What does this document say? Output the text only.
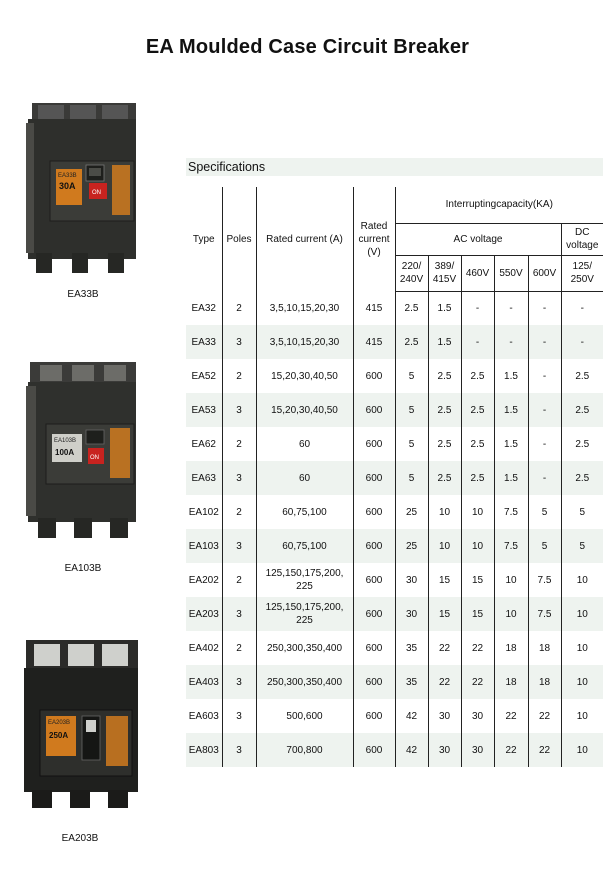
EA Moulded Case Circuit Breaker
EA33B
30A
ON
EA33B
EA103B
100A
ON
EA103B
EA203B
250A
EA203B
Specifications
Type	Poles	Rated current (A)	Rated current (V)	Interruptingcapacity(KA)					
				AC voltage					DC voltage
				220/ 240V	389/ 415V	460V	550V	600V	125/ 250V
EA32	2	3,5,10,15,20,30	415	2.5	1.5	-	-	-	-
EA33	3	3,5,10,15,20,30	415	2.5	1.5	-	-	-	-
EA52	2	15,20,30,40,50	600	5	2.5	2.5	1.5	-	2.5
EA53	3	15,20,30,40,50	600	5	2.5	2.5	1.5	-	2.5
EA62	2	60	600	5	2.5	2.5	1.5	-	2.5
EA63	3	60	600	5	2.5	2.5	1.5	-	2.5
EA102	2	60,75,100	600	25	10	10	7.5	5	5
EA103	3	60,75,100	600	25	10	10	7.5	5	5
EA202	2	125,150,175,200, 225	600	30	15	15	10	7.5	10
EA203	3	125,150,175,200, 225	600	30	15	15	10	7.5	10
EA402	2	250,300,350,400	600	35	22	22	18	18	10
EA403	3	250,300,350,400	600	35	22	22	18	18	10
EA603	3	500,600	600	42	30	30	22	22	10
EA803	3	700,800	600	42	30	30	22	22	10
